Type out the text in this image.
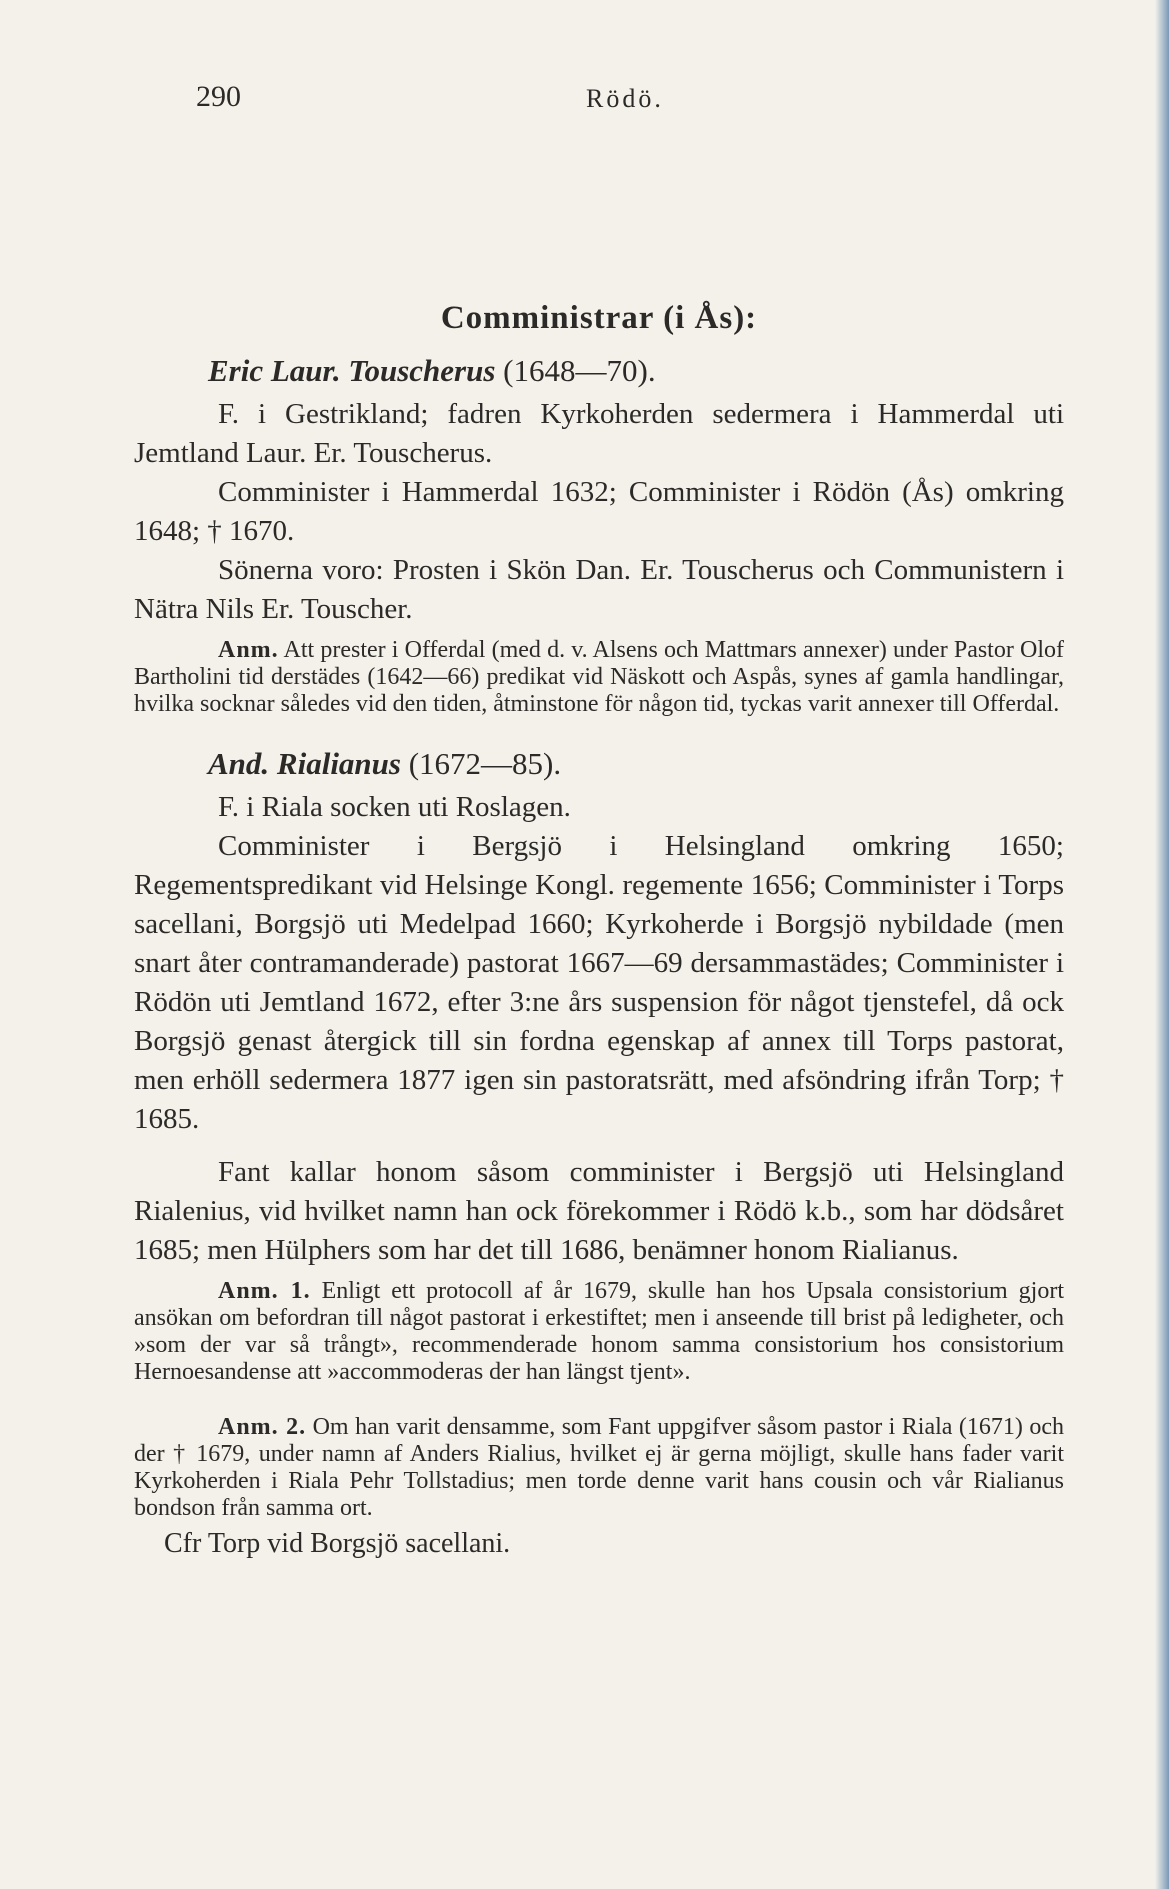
290	Rödö.
Comministrar (i Ås):
Eric Laur. Touscherus (1648—70).

F. i Gestrikland; fadren Kyrkoherden sedermera i Hammerdal uti Jemtland Laur. Er. Touscherus.

Comminister i Hammerdal 1632; Comminister i Rödön (Ås) omkring 1648; † 1670.

Sönerna voro: Prosten i Skön Dan. Er. Touscherus och Communistern i Nätra Nils Er. Touscher.

Anm. Att prester i Offerdal (med d. v. Alsens och Mattmars annexer) under Pastor Olof Bartholini tid derstädes (1642—66) predikat vid Näskott och Aspås, synes af gamla handlingar, hvilka socknar således vid den tiden, åtminstone för någon tid, tyckas varit annexer till Offerdal.

And. Rialianus (1672—85).

F. i Riala socken uti Roslagen.

Comminister i Bergsjö i Helsingland omkring 1650; Regementspredikant vid Helsinge Kongl. regemente 1656; Comminister i Torps sacellani, Borgsjö uti Medelpad 1660; Kyrkoherde i Borgsjö nybildade (men snart åter contramanderade) pastorat 1667—69 dersammastädes; Comminister i Rödön uti Jemtland 1672, efter 3:ne års suspension för något tjenstefel, då ock Borgsjö genast återgick till sin fordna egenskap af annex till Torps pastorat, men erhöll sedermera 1877 igen sin pastoratsrätt, med afsöndring ifrån Torp; † 1685.

Fant kallar honom såsom comminister i Bergsjö uti Helsingland Rialenius, vid hvilket namn han ock förekommer i Rödö k.b., som har dödsåret 1685; men Hülphers som har det till 1686, benämner honom Rialianus.

Anm. 1. Enligt ett protocoll af år 1679, skulle han hos Upsala consistorium gjort ansökan om befordran till något pastorat i erkestiftet; men i anseende till brist på ledigheter, och »som der var så trångt», recommenderade honom samma consistorium hos consistorium Hernoesandense att »accommoderas der han längst tjent».

Anm. 2. Om han varit densamme, som Fant uppgifver såsom pastor i Riala (1671) och der † 1679, under namn af Anders Rialius, hvilket ej är gerna möjligt, skulle hans fader varit Kyrkoherden i Riala Pehr Tollstadius; men torde denne varit hans cousin och vår Rialianus bondson från samma ort.

Cfr Torp vid Borgsjö sacellani.
